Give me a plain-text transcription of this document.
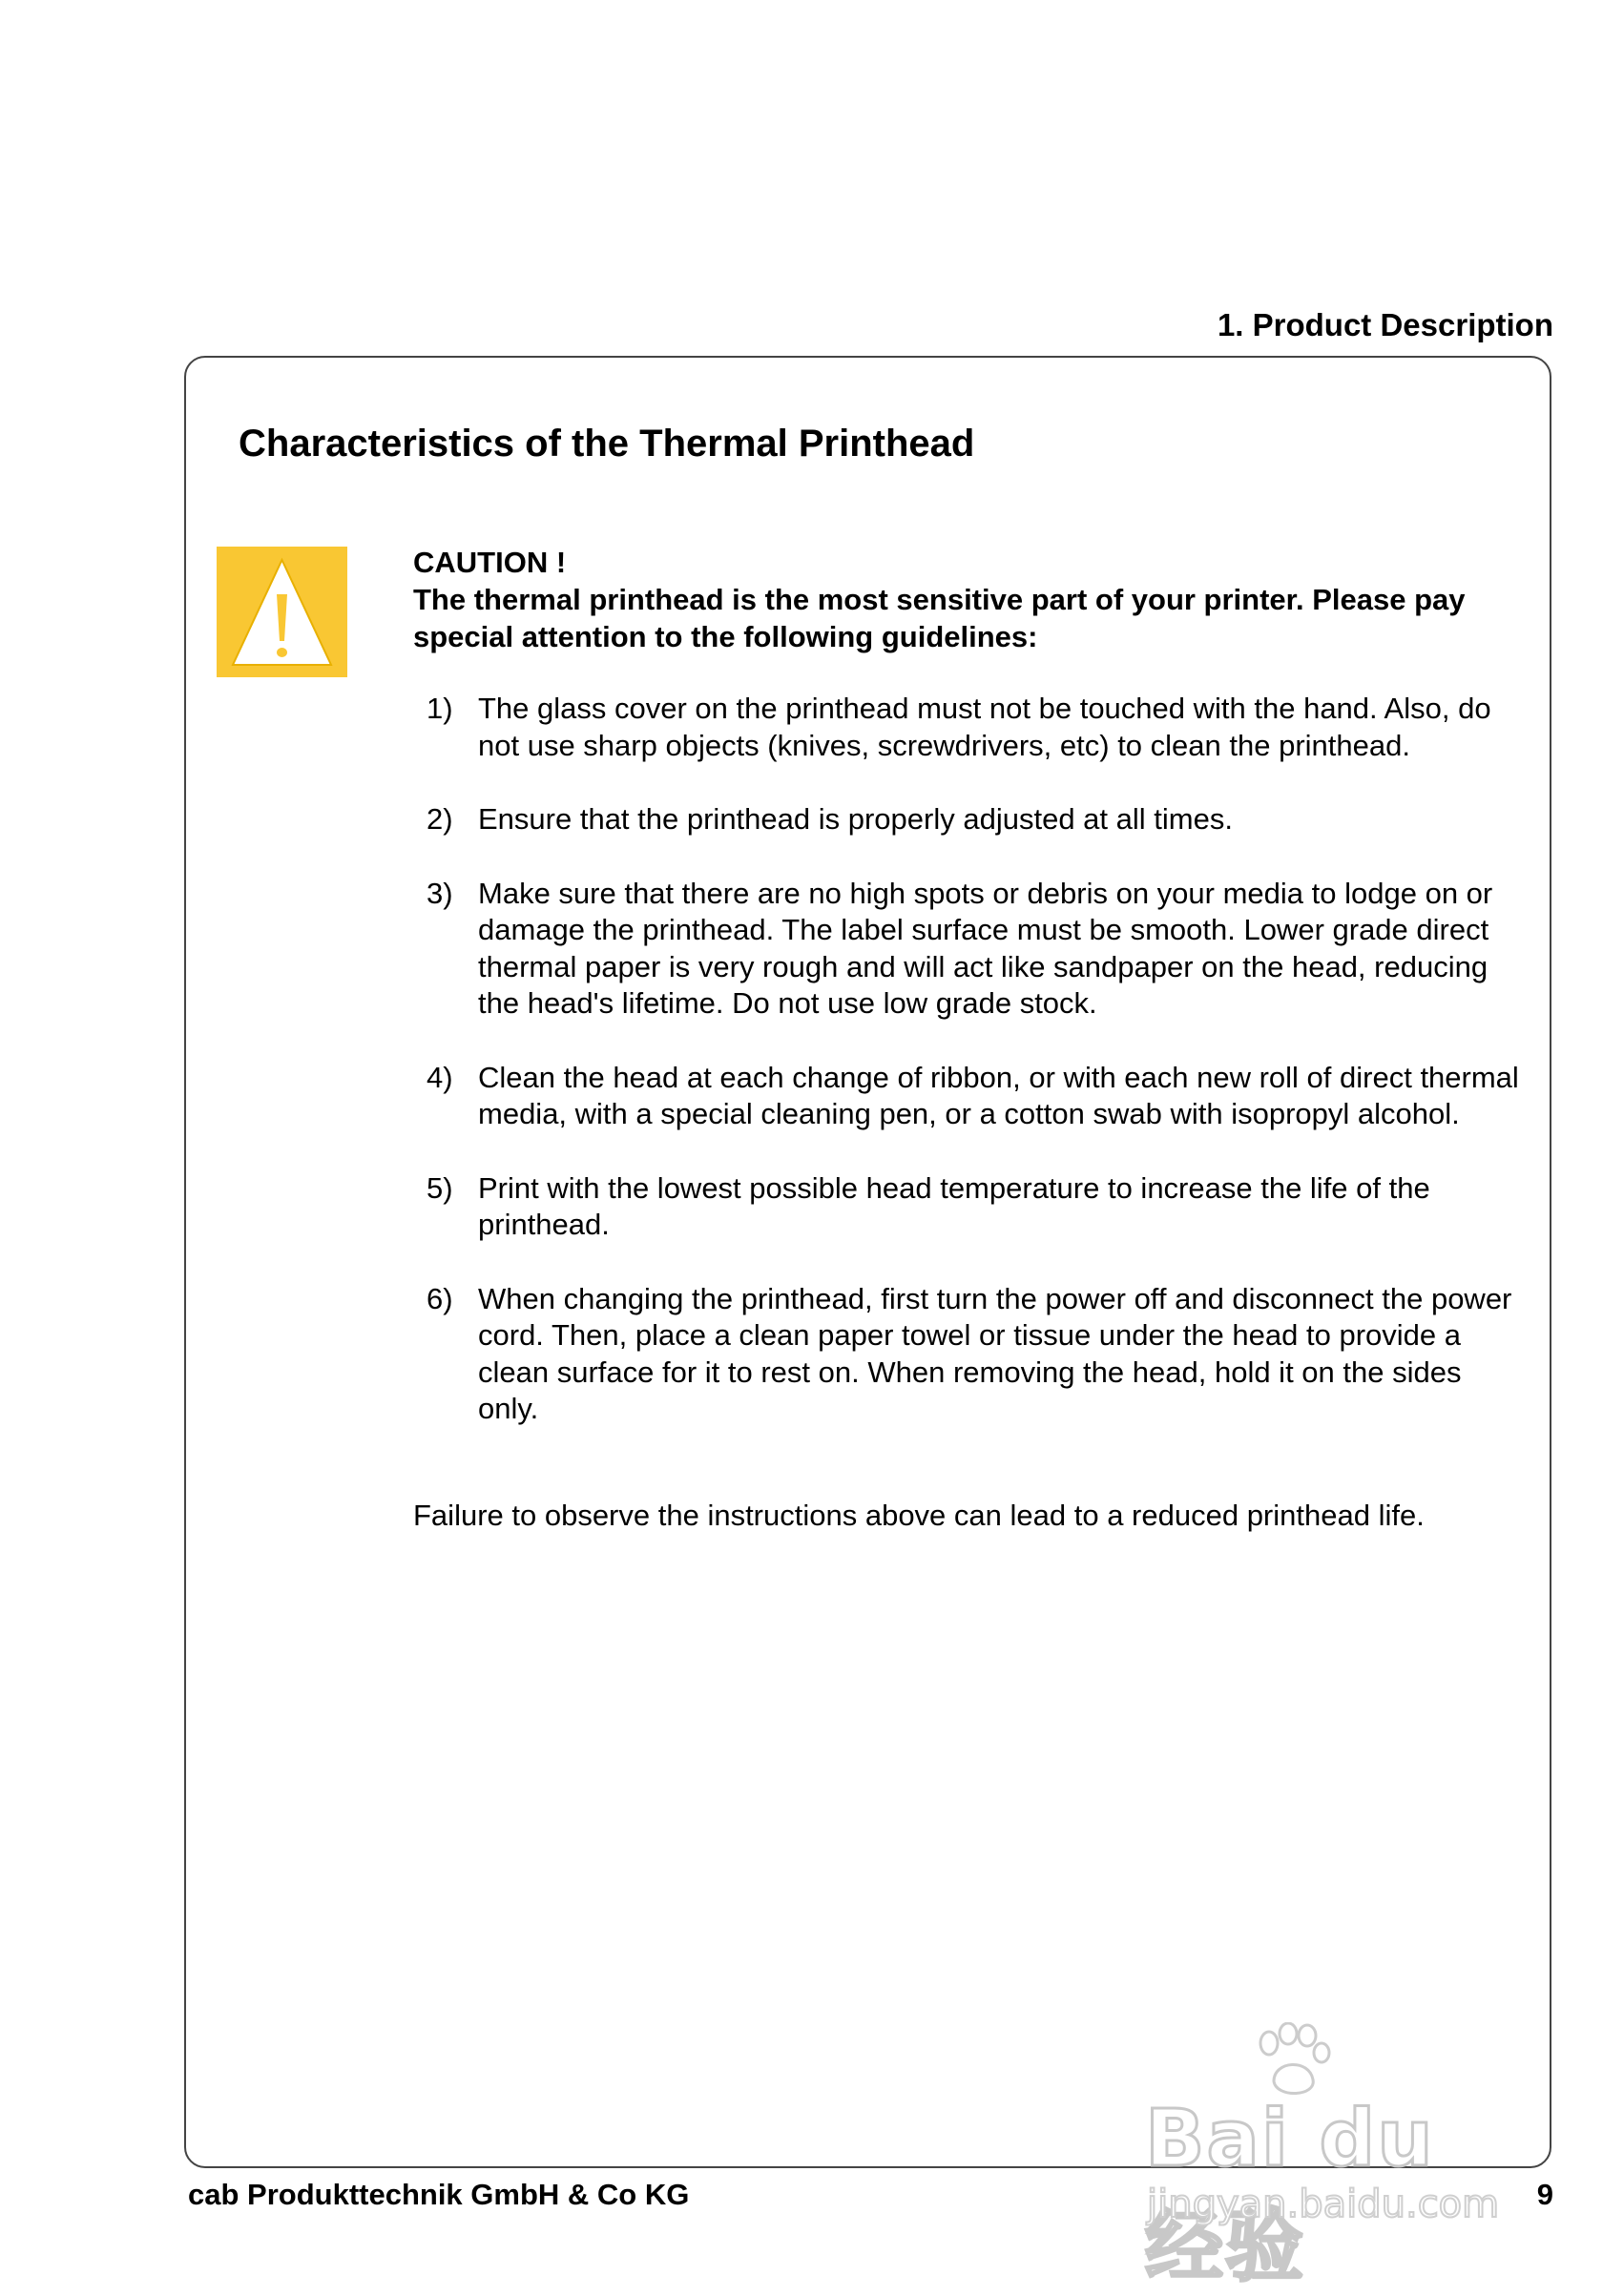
1. Product Description
Characteristics of the Thermal Printhead
CAUTION !
The thermal printhead is the most sensitive part of your printer. Please pay special attention to the following guidelines:
1) The glass cover on the printhead must not be touched with the hand. Also, do not use sharp objects (knives, screwdrivers, etc) to clean the printhead.
2) Ensure that the printhead is properly adjusted at all times.
3) Make sure that there are no high spots or debris on your media to lodge on or damage the printhead. The label surface must be smooth. Lower grade direct thermal paper is very rough and will act like sandpaper on the head, reducing the head's lifetime. Do not use low grade stock.
4) Clean the head at each change of ribbon, or with each new roll of direct thermal media, with a special cleaning pen, or a cotton swab with isopropyl alcohol.
5) Print with the lowest possible head temperature to increase the life of the printhead.
6) When changing the printhead, first turn the power off and disconnect the power cord. Then, place a clean paper towel or tissue under the head to provide a clean surface for it to rest on. When removing the head, hold it on the sides only.
Failure to observe the instructions above can lead to a reduced printhead life.
Bai du 经验
jingyan.baidu.com
cab Produkttechnik GmbH & Co KG	9
